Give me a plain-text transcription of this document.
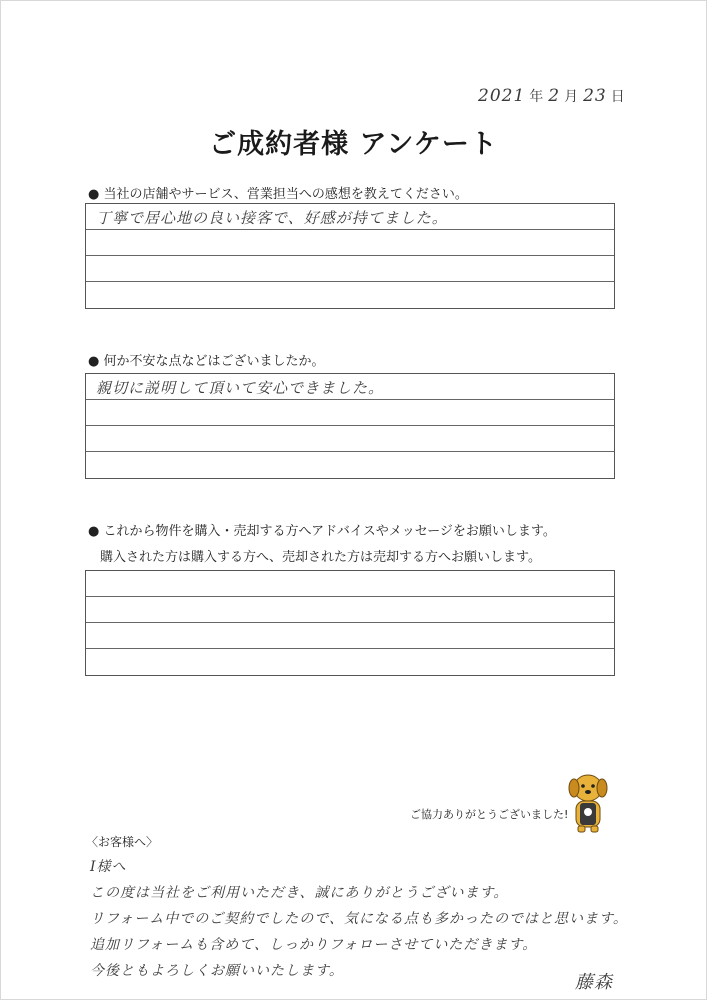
2021 年 2 月 23 日
ご成約者様 アンケート
● 当社の店舗やサービス、営業担当への感想を教えてください。
丁寧で居心地の良い接客で、好感が持てました。
● 何か不安な点などはございましたか。
親切に説明して頂いて安心できました。
● これから物件を購入・売却する方へアドバイスやメッセージをお願いします。
購入された方は購入する方へ、売却された方は売却する方へお願いします。
ご協力ありがとうございました!
〈お客様へ〉
I様へ
この度は当社をご利用いただき、誠にありがとうございます。
リフォーム中でのご契約でしたので、気になる点も多かったのではと思います。
追加リフォームも含めて、しっかりフォローさせていただきます。
今後ともよろしくお願いいたします。
藤森
